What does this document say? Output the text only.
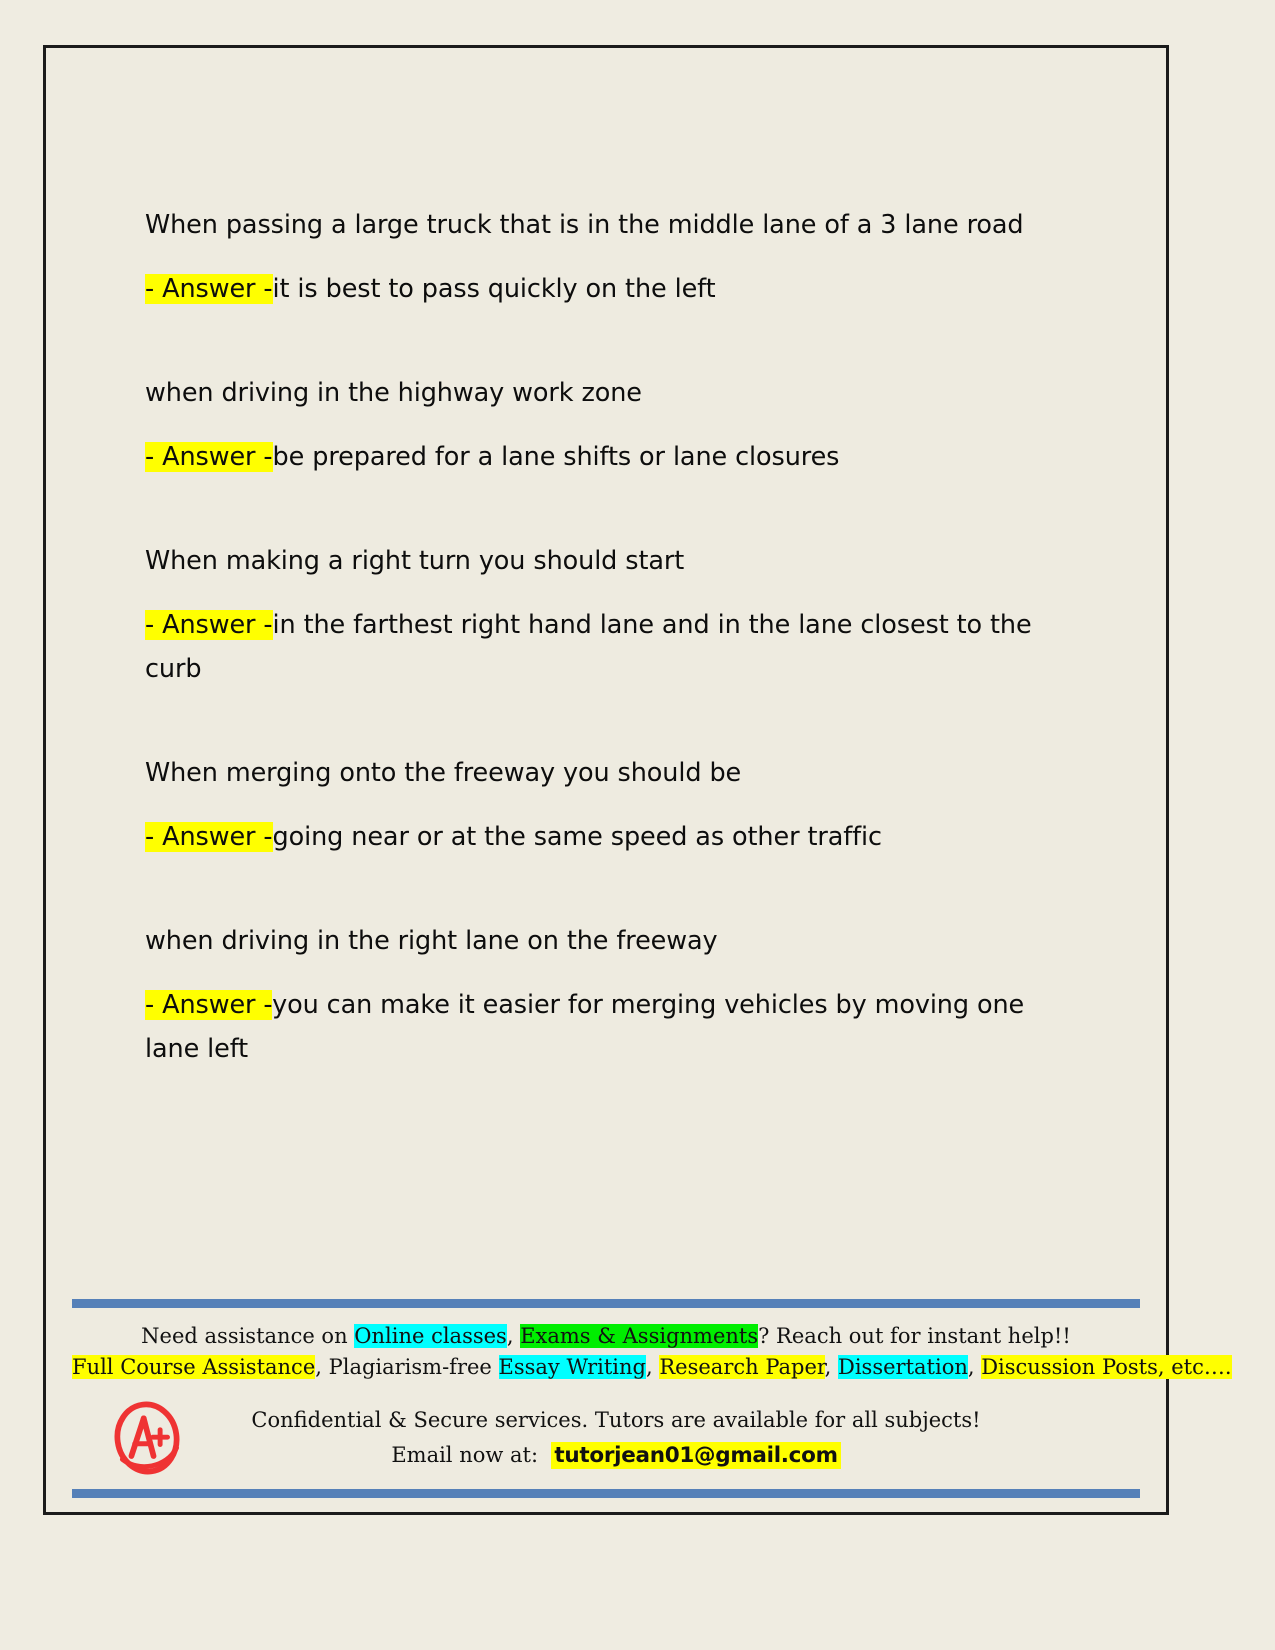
When passing a large truck that is in the middle lane of a 3 lane road
- Answer -it is best to pass quickly on the left
when driving in the highway work zone
- Answer -be prepared for a lane shifts or lane closures
When making a right turn you should start
- Answer -in the farthest right hand lane and in the lane closest to the curb
When merging onto the freeway you should be
- Answer -going near or at the same speed as other traffic
when driving in the right lane on the freeway
- Answer -you can make it easier for merging vehicles by moving one lane left
Need assistance on Online classes, Exams & Assignments? Reach out for instant help!!
Full Course Assistance, Plagiarism-free Essay Writing, Research Paper, Dissertation, Discussion Posts, etc….
Confidential & Secure services. Tutors are available for all subjects!
Email now at: tutorjean01@gmail.com
